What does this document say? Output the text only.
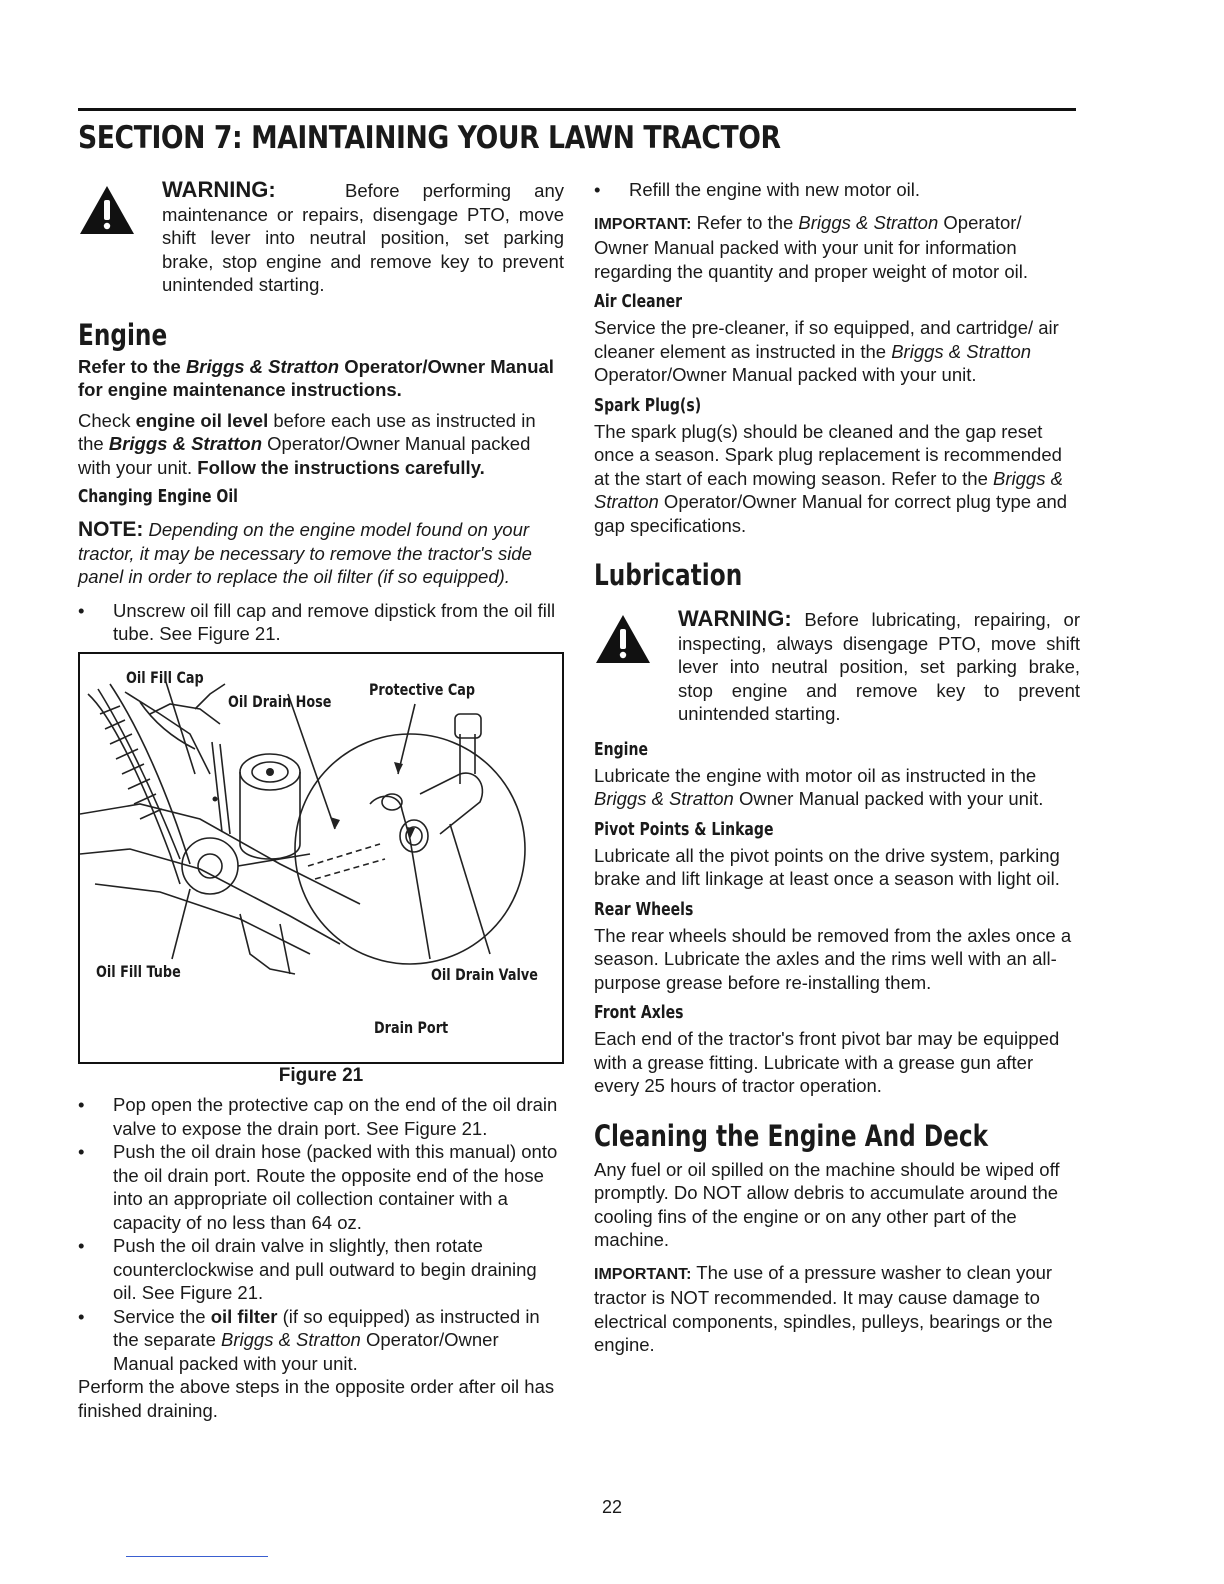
SECTION 7: MAINTAINING YOUR LAWN TRACTOR

WARNING:	Before performing any maintenance or repairs, disengage PTO, move shift lever into neutral position, set parking brake, stop engine and remove key to prevent unintended starting.

Engine

Refer to the Briggs & Stratton Operator/Owner Manual for engine maintenance instructions.

Check engine oil level before each use as instructed in the Briggs & Stratton Operator/Owner Manual packed with your unit. Follow the instructions carefully.

Changing Engine Oil

NOTE: Depending on the engine model found on your tractor, it may be necessary to remove the tractor's side panel in order to replace the oil filter (if so equipped).

• Unscrew oil fill cap and remove dipstick from the oil fill tube. See Figure 21.
Oil Fill Cap
Oil Drain Hose
Protective Cap
Oil Fill Tube	Oil Drain Valve
Drain Port

Figure 21

• Pop open the protective cap on the end of the oil drain valve to expose the drain port. See Figure 21.
• Push the oil drain hose (packed with this manual) onto the oil drain port. Route the opposite end of the hose into an appropriate oil collection container with a capacity of no less than 64 oz.
• Push the oil drain valve in slightly, then rotate counterclockwise and pull outward to begin draining oil. See Figure 21.
• Service the oil filter (if so equipped) as instructed in the separate Briggs & Stratton Operator/Owner Manual packed with your unit.

Perform the above steps in the opposite order after oil has finished draining.

• Refill the engine with new motor oil.

IMPORTANT: Refer to the Briggs & Stratton Operator/ Owner Manual packed with your unit for information regarding the quantity and proper weight of motor oil.

Air Cleaner

Service the pre-cleaner, if so equipped, and cartridge/ air cleaner element as instructed in the Briggs & Stratton Operator/Owner Manual packed with your unit.

Spark Plug(s)

The spark plug(s) should be cleaned and the gap reset once a season. Spark plug replacement is recommended at the start of each mowing season. Refer to the Briggs & Stratton Operator/Owner Manual for correct plug type and gap specifications.

Lubrication

WARNING: Before lubricating, repairing, or inspecting, always disengage PTO, move shift lever into neutral position, set parking brake, stop engine and remove key to prevent unintended starting.

Engine

Lubricate the engine with motor oil as instructed in the Briggs & Stratton Owner Manual packed with your unit.

Pivot Points & Linkage

Lubricate all the pivot points on the drive system, parking brake and lift linkage at least once a season with light oil.

Rear Wheels

The rear wheels should be removed from the axles once a season. Lubricate the axles and the rims well with an all-purpose grease before re-installing them.

Front Axles

Each end of the tractor's front pivot bar may be equipped with a grease fitting. Lubricate with a grease gun after every 25 hours of tractor operation.

Cleaning the Engine And Deck

Any fuel or oil spilled on the machine should be wiped off promptly. Do NOT allow debris to accumulate around the cooling fins of the engine or on any other part of the machine.

IMPORTANT: The use of a pressure washer to clean your tractor is NOT recommended. It may cause damage to electrical components, spindles, pulleys, bearings or the engine.

22
